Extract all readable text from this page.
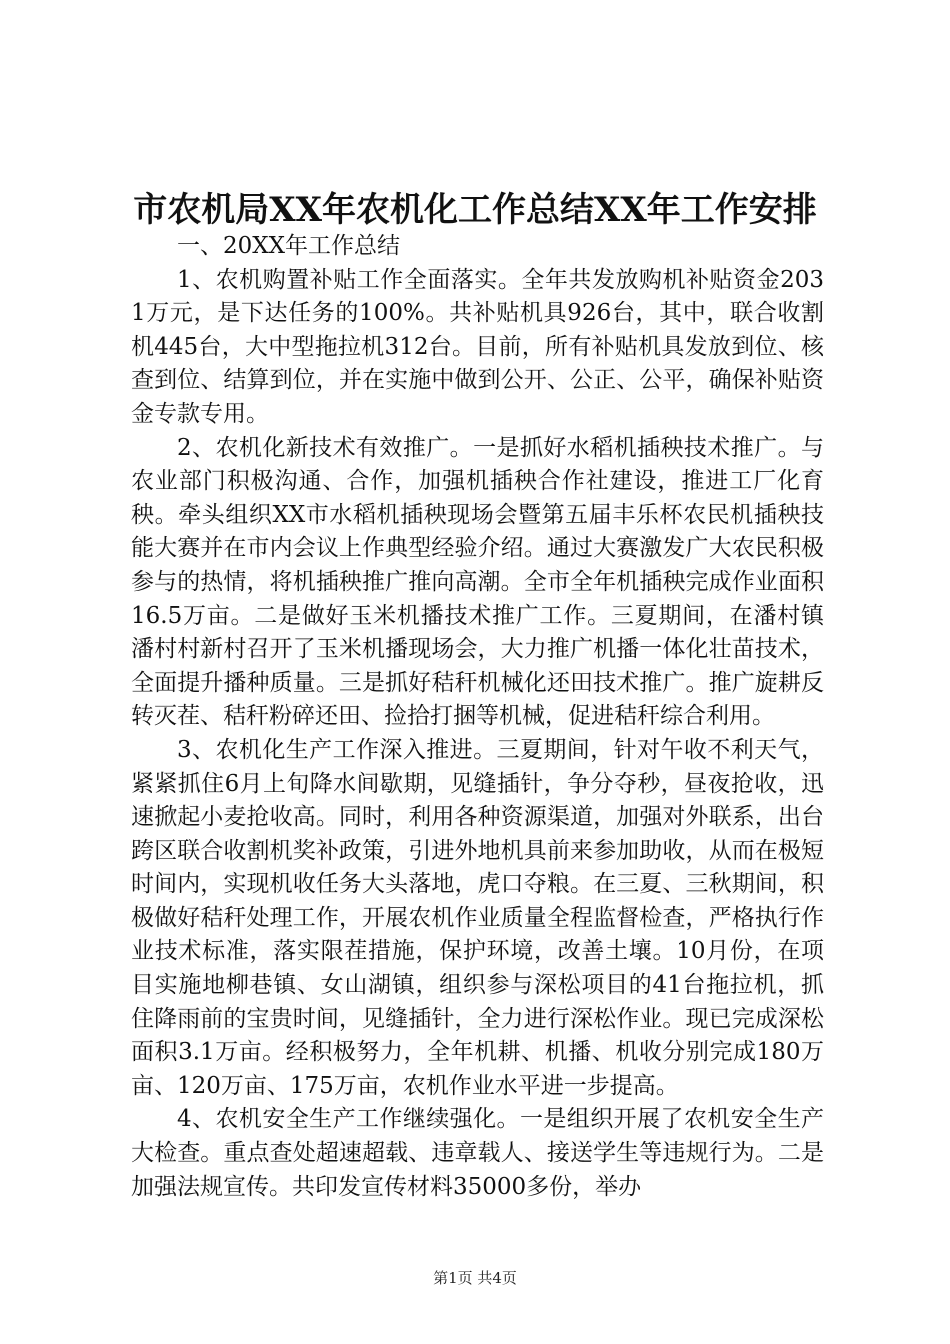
市农机局XX年农机化工作总结XX年工作安排

一、20XX年工作总结

1、农机购置补贴工作全面落实。全年共发放购机补贴资金2031万元，是下达任务的100%。共补贴机具926台，其中，联合收割机445台，大中型拖拉机312台。目前，所有补贴机具发放到位、核查到位、结算到位，并在实施中做到公开、公正、公平，确保补贴资金专款专用。

2、农机化新技术有效推广。一是抓好水稻机插秧技术推广。与农业部门积极沟通、合作，加强机插秧合作社建设，推进工厂化育秧。牵头组织XX市水稻机插秧现场会暨第五届丰乐杯农民机插秧技能大赛并在市内会议上作典型经验介绍。通过大赛激发广大农民积极参与的热情，将机插秧推广推向高潮。全市全年机插秧完成作业面积16.5万亩。二是做好玉米机播技术推广工作。三夏期间，在潘村镇潘村村新村召开了玉米机播现场会，大力推广机播一体化壮苗技术，全面提升播种质量。三是抓好秸秆机械化还田技术推广。推广旋耕反转灭茬、秸秆粉碎还田、捡拾打捆等机械，促进秸秆综合利用。

3、农机化生产工作深入推进。三夏期间，针对午收不利天气，紧紧抓住6月上旬降水间歇期，见缝插针，争分夺秒，昼夜抢收，迅速掀起小麦抢收高。同时，利用各种资源渠道，加强对外联系，出台跨区联合收割机奖补政策，引进外地机具前来参加助收，从而在极短时间内，实现机收任务大头落地，虎口夺粮。在三夏、三秋期间，积极做好秸秆处理工作，开展农机作业质量全程监督检查，严格执行作业技术标准，落实限茬措施，保护环境，改善土壤。10月份，在项目实施地柳巷镇、女山湖镇，组织参与深松项目的41台拖拉机，抓住降雨前的宝贵时间，见缝插针，全力进行深松作业。现已完成深松面积3.1万亩。经积极努力，全年机耕、机播、机收分别完成180万亩、120万亩、175万亩，农机作业水平进一步提高。

4、农机安全生产工作继续强化。一是组织开展了农机安全生产大检查。重点查处超速超载、违章载人、接送学生等违规行为。二是加强法规宣传。共印发宣传材料35000多份，举办

第1页 共4页
